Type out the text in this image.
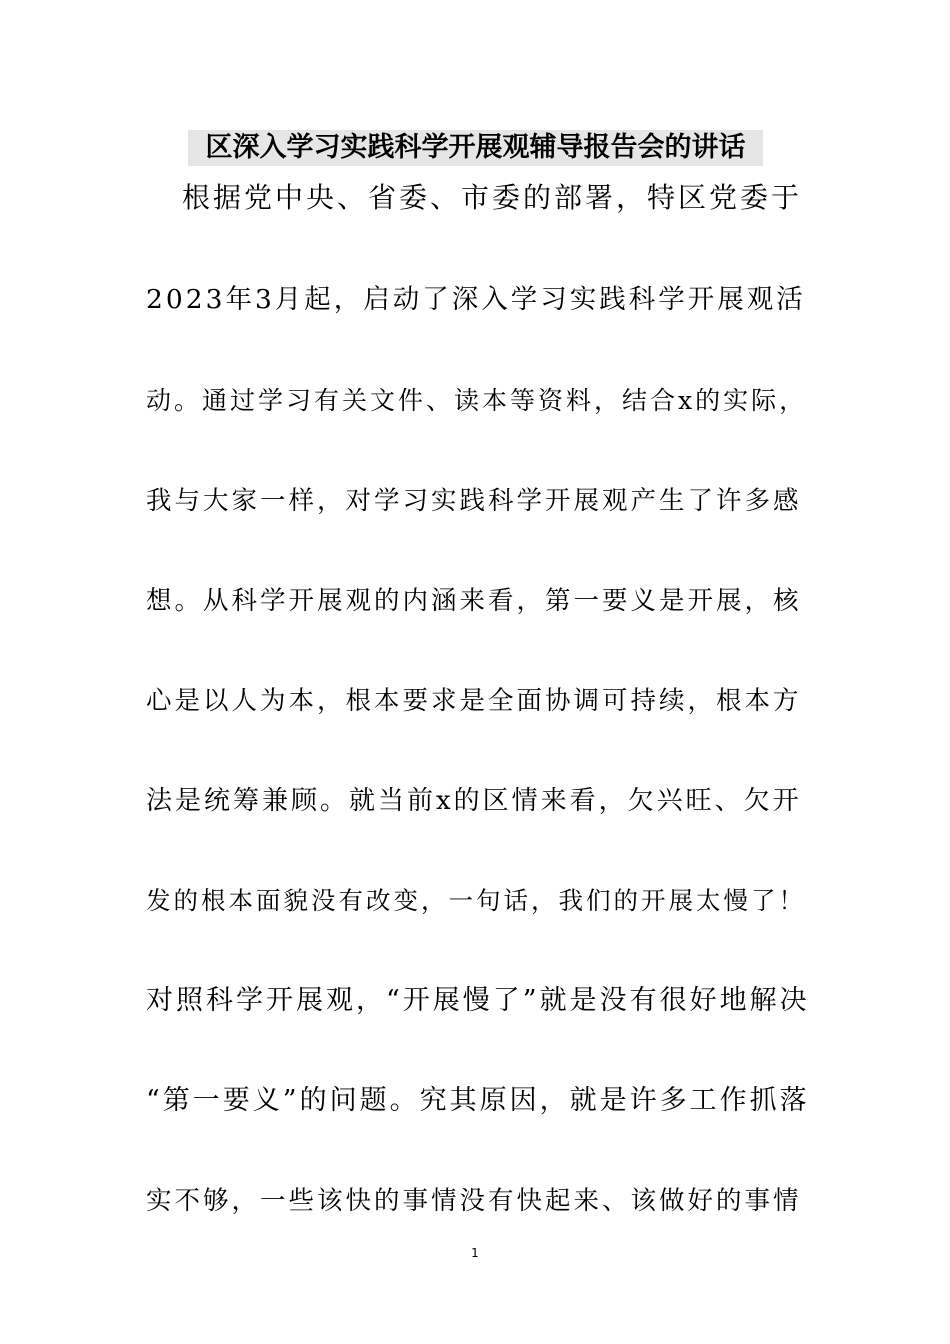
区深入学习实践科学开展观辅导报告会的讲话
根据党中央、省委、市委的部署，特区党委于
2023年3月起，启动了深入学习实践科学开展观活
动。通过学习有关文件、读本等资料，结合x的实际，
我与大家一样，对学习实践科学开展观产生了许多感
想。从科学开展观的内涵来看，第一要义是开展，核
心是以人为本，根本要求是全面协调可持续，根本方
法是统筹兼顾。就当前x的区情来看，欠兴旺、欠开
发的根本面貌没有改变，一句话，我们的开展太慢了！
对照科学开展观，“开展慢了”就是没有很好地解决
“第一要义”的问题。究其原因，就是许多工作抓落
实不够，一些该快的事情没有快起来、该做好的事情
1
